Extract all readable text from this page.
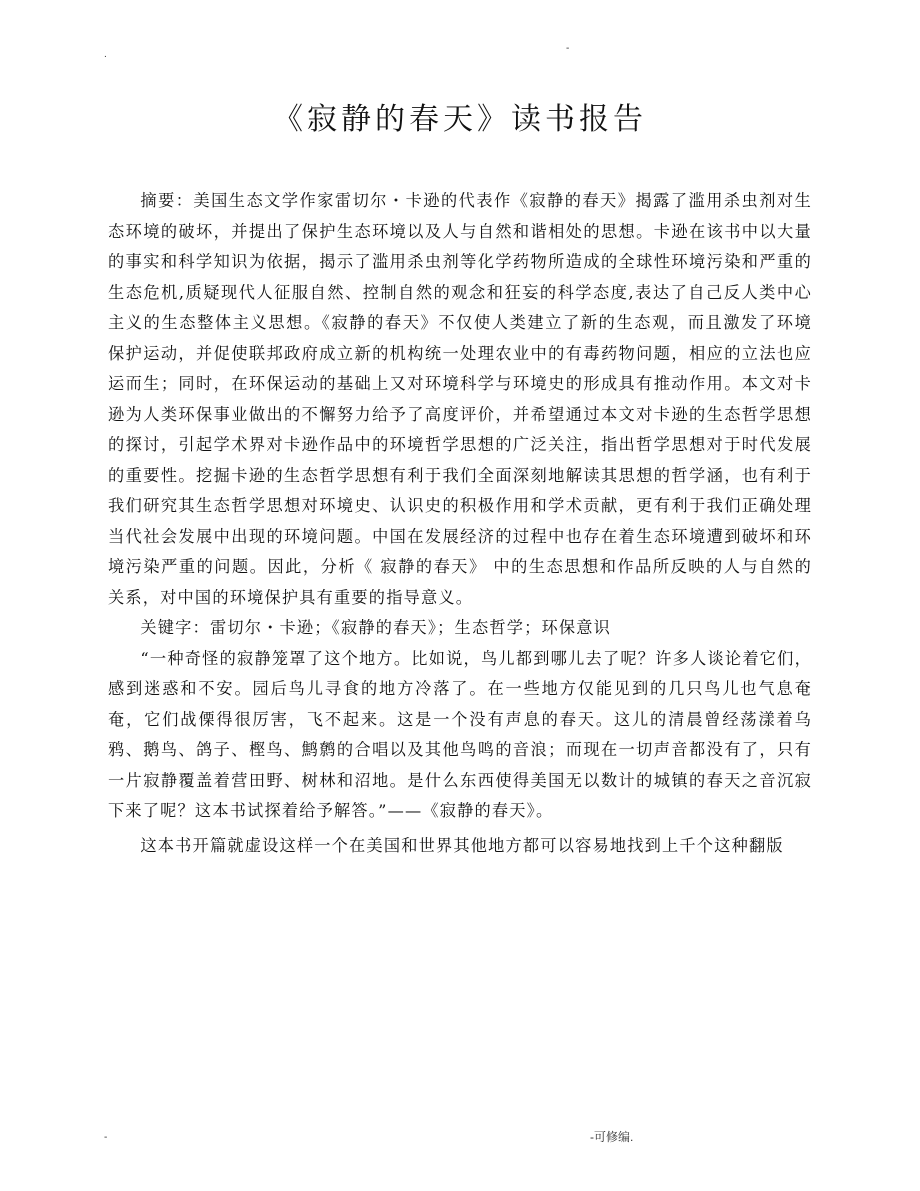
.
-
《寂静的春天》读书报告

摘要：美国生态文学作家雷切尔・卡逊的代表作《寂静的春天》揭露了滥用杀虫剂对生态环境的破坏，并提出了保护生态环境以及人与自然和谐相处的思想。卡逊在该书中以大量的事实和科学知识为依据，揭示了滥用杀虫剂等化学药物所造成的全球性环境污染和严重的生态危机,质疑现代人征服自然、控制自然的观念和狂妄的科学态度,表达了自己反人类中心主义的生态整体主义思想。《寂静的春天》不仅使人类建立了新的生态观，而且激发了环境保护运动，并促使联邦政府成立新的机构统一处理农业中的有毒药物问题，相应的立法也应运而生；同时，在环保运动的基础上又对环境科学与环境史的形成具有推动作用。本文对卡逊为人类环保事业做出的不懈努力给予了高度评价，并希望通过本文对卡逊的生态哲学思想的探讨，引起学术界对卡逊作品中的环境哲学思想的广泛关注，指出哲学思想对于时代发展的重要性。挖掘卡逊的生态哲学思想有利于我们全面深刻地解读其思想的哲学涵，也有利于我们研究其生态哲学思想对环境史、认识史的积极作用和学术贡献，更有利于我们正确处理当代社会发展中出现的环境问题。中国在发展经济的过程中也存在着生态环境遭到破坏和环境污染严重的问题。因此，分析《 寂静的春天》 中的生态思想和作品所反映的人与自然的关系，对中国的环境保护具有重要的指导意义。

关键字：雷切尔・卡逊；《寂静的春天》；生态哲学；环保意识

“一种奇怪的寂静笼罩了这个地方。比如说，鸟儿都到哪儿去了呢？许多人谈论着它们，感到迷惑和不安。园后鸟儿寻食的地方冷落了。在一些地方仅能见到的几只鸟儿也气息奄奄，它们战傈得很厉害，飞不起来。这是一个没有声息的春天。这儿的清晨曾经荡漾着乌鸦、鹅鸟、鸽子、樫鸟、鹪鹩的合唱以及其他鸟鸣的音浪；而现在一切声音都没有了，只有一片寂静覆盖着营田野、树林和沼地。是什么东西使得美国无以数计的城镇的春天之音沉寂下来了呢？这本书试探着给予解答。”——《寂静的春天》。

这本书开篇就虚设这样一个在美国和世界其他地方都可以容易地找到上千个这种翻版

-	-可修编.
